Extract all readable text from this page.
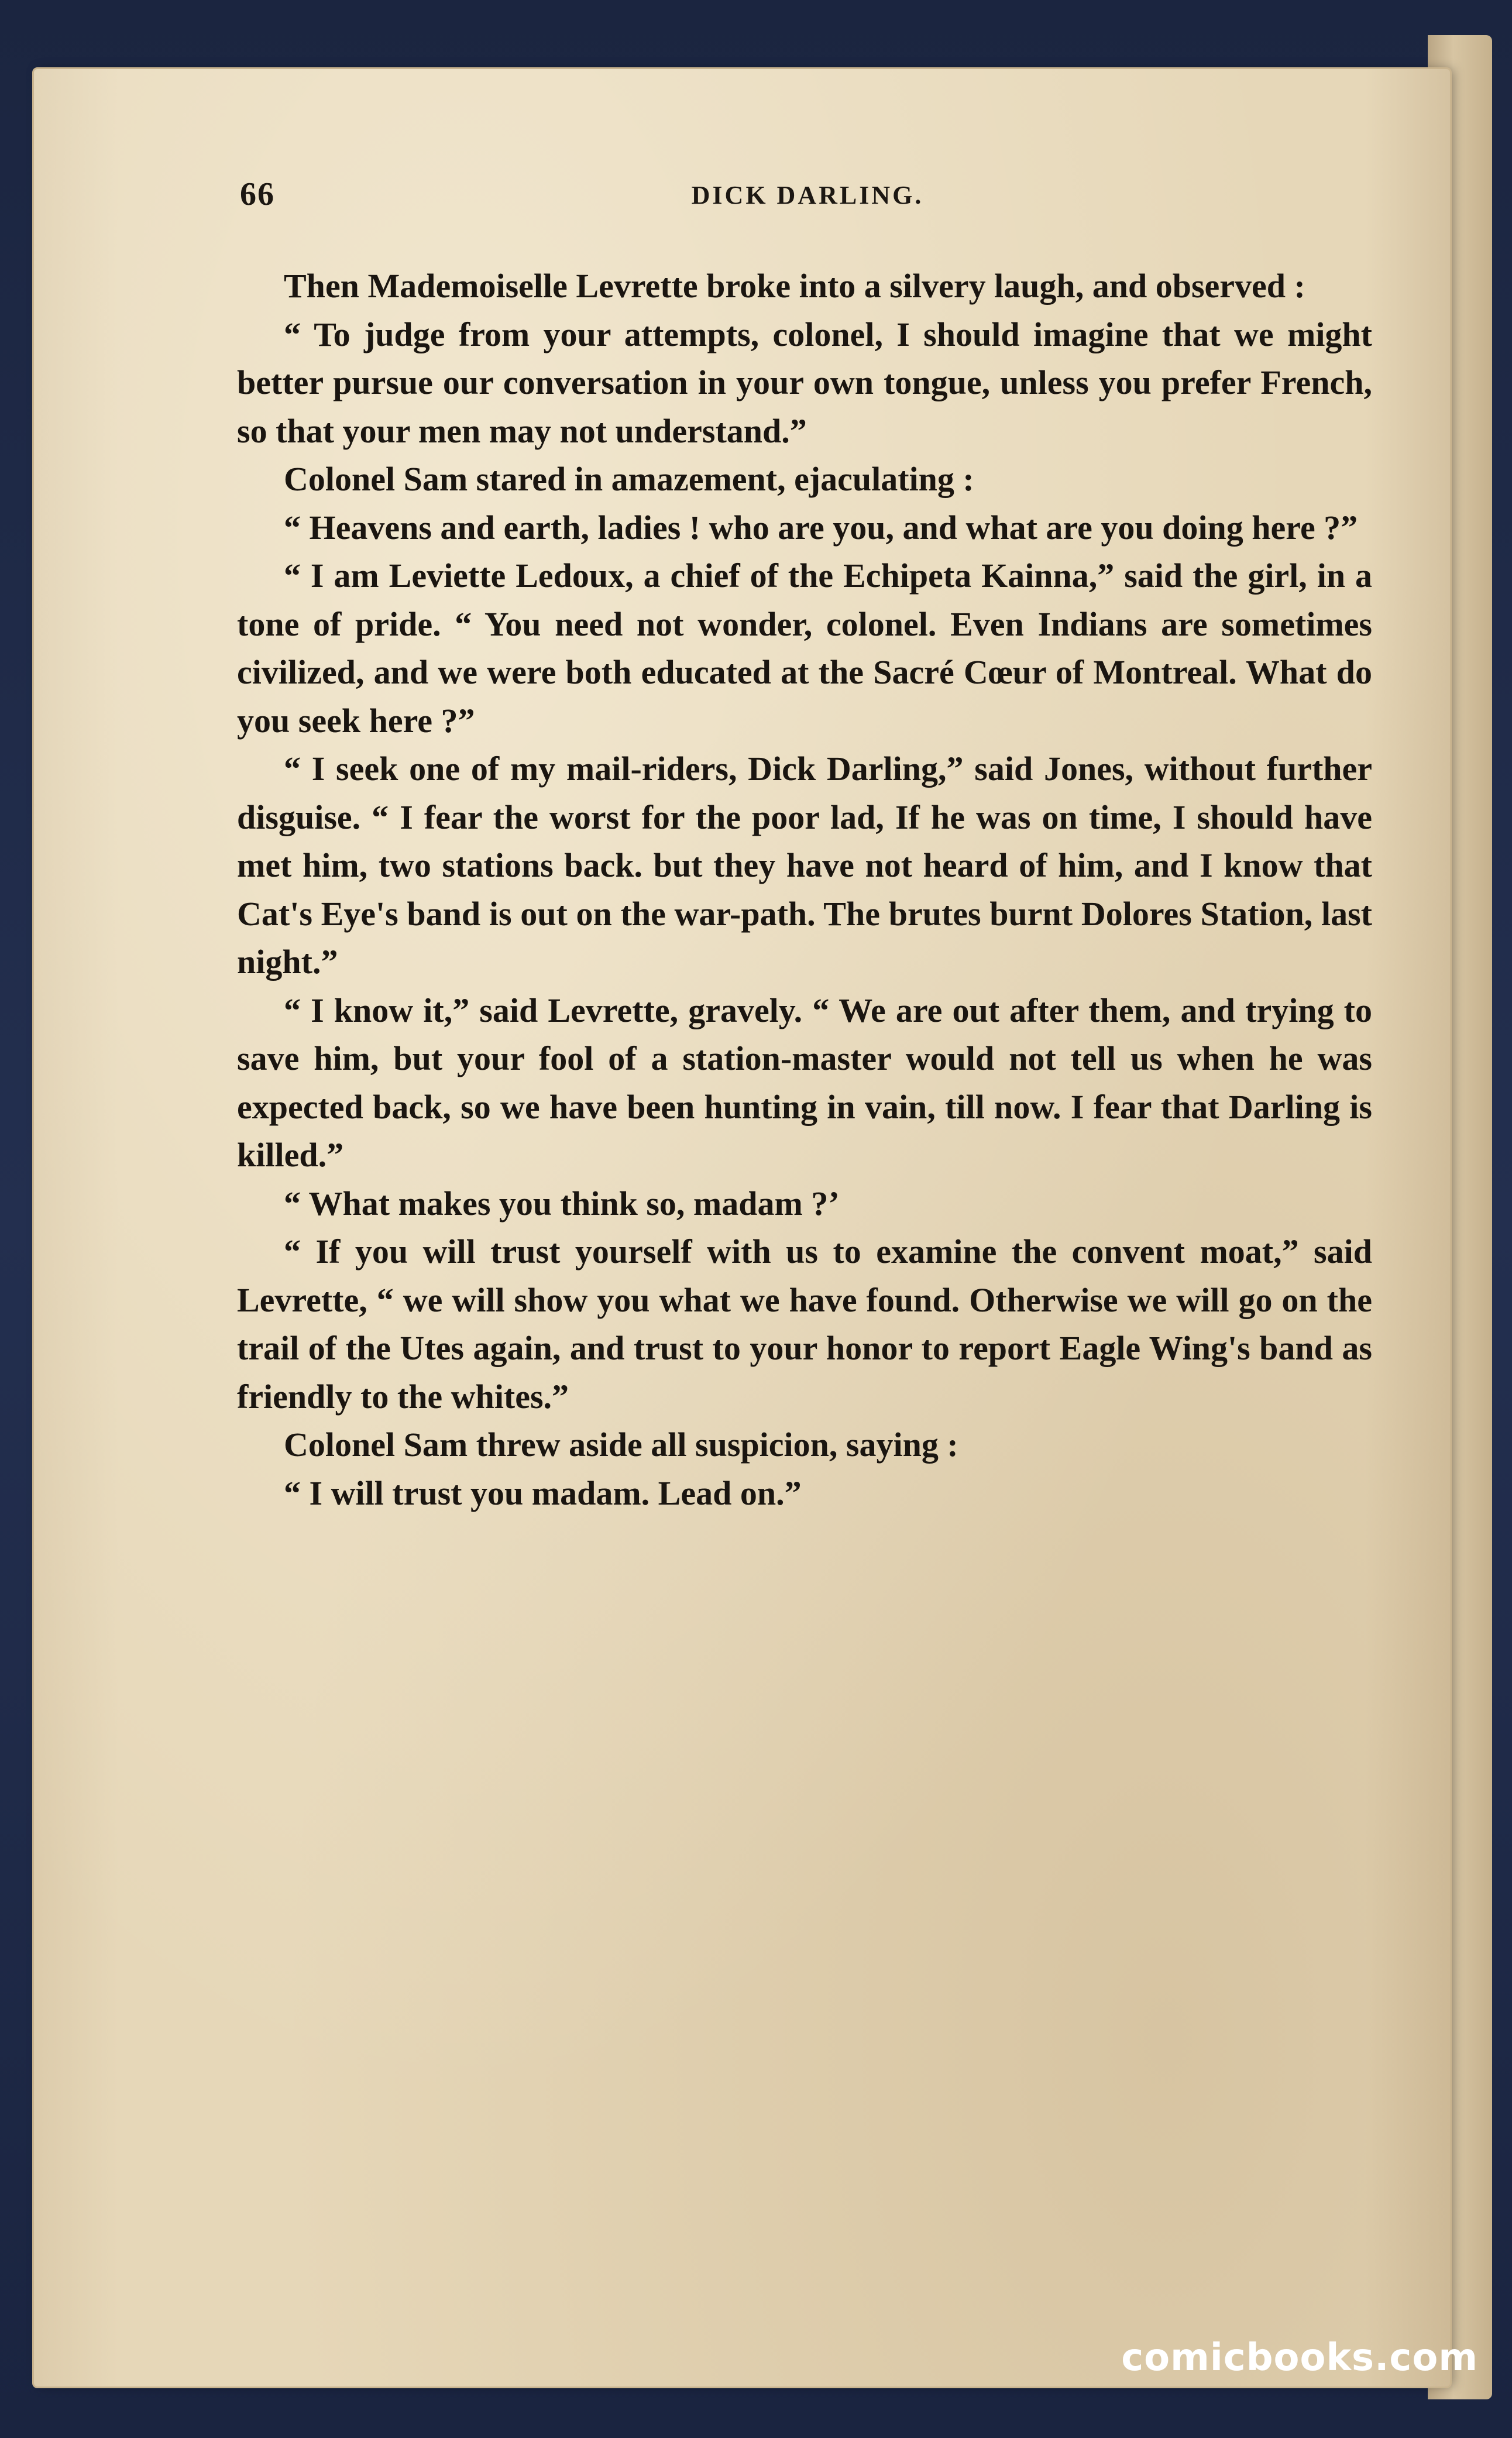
66	DICK DARLING.

Then Mademoiselle Levrette broke into a silvery laugh, and observed :

“ To judge from your attempts, colonel, I should imagine that we might better pursue our conversation in your own tongue, unless you prefer French, so that your men may not understand.”

Colonel Sam stared in amazement, ejaculating :

“ Heavens and earth, ladies ! who are you, and what are you doing here ?”

“ I am Leviette Ledoux, a chief of the Echipeta Kainna,” said the girl, in a tone of pride. “ You need not wonder, colonel. Even Indians are sometimes civilized, and we were both educated at the Sacré Cœur of Montreal. What do you seek here ?”

“ I seek one of my mail-riders, Dick Darling,” said Jones, without further disguise. “ I fear the worst for the poor lad, If he was on time, I should have met him, two stations back. but they have not heard of him, and I know that Cat's Eye's band is out on the war-path. The brutes burnt Dolores Station, last night.”

“ I know it,” said Levrette, gravely. “ We are out after them, and trying to save him, but your fool of a station-master would not tell us when he was expected back, so we have been hunting in vain, till now. I fear that Darling is killed.”

“ What makes you think so, madam ?’

“ If you will trust yourself with us to examine the convent moat,” said Levrette, “ we will show you what we have found. Otherwise we will go on the trail of the Utes again, and trust to your honor to report Eagle Wing's band as friendly to the whites.”

Colonel Sam threw aside all suspicion, saying :

“ I will trust you madam. Lead on.”

comicbooks.com
